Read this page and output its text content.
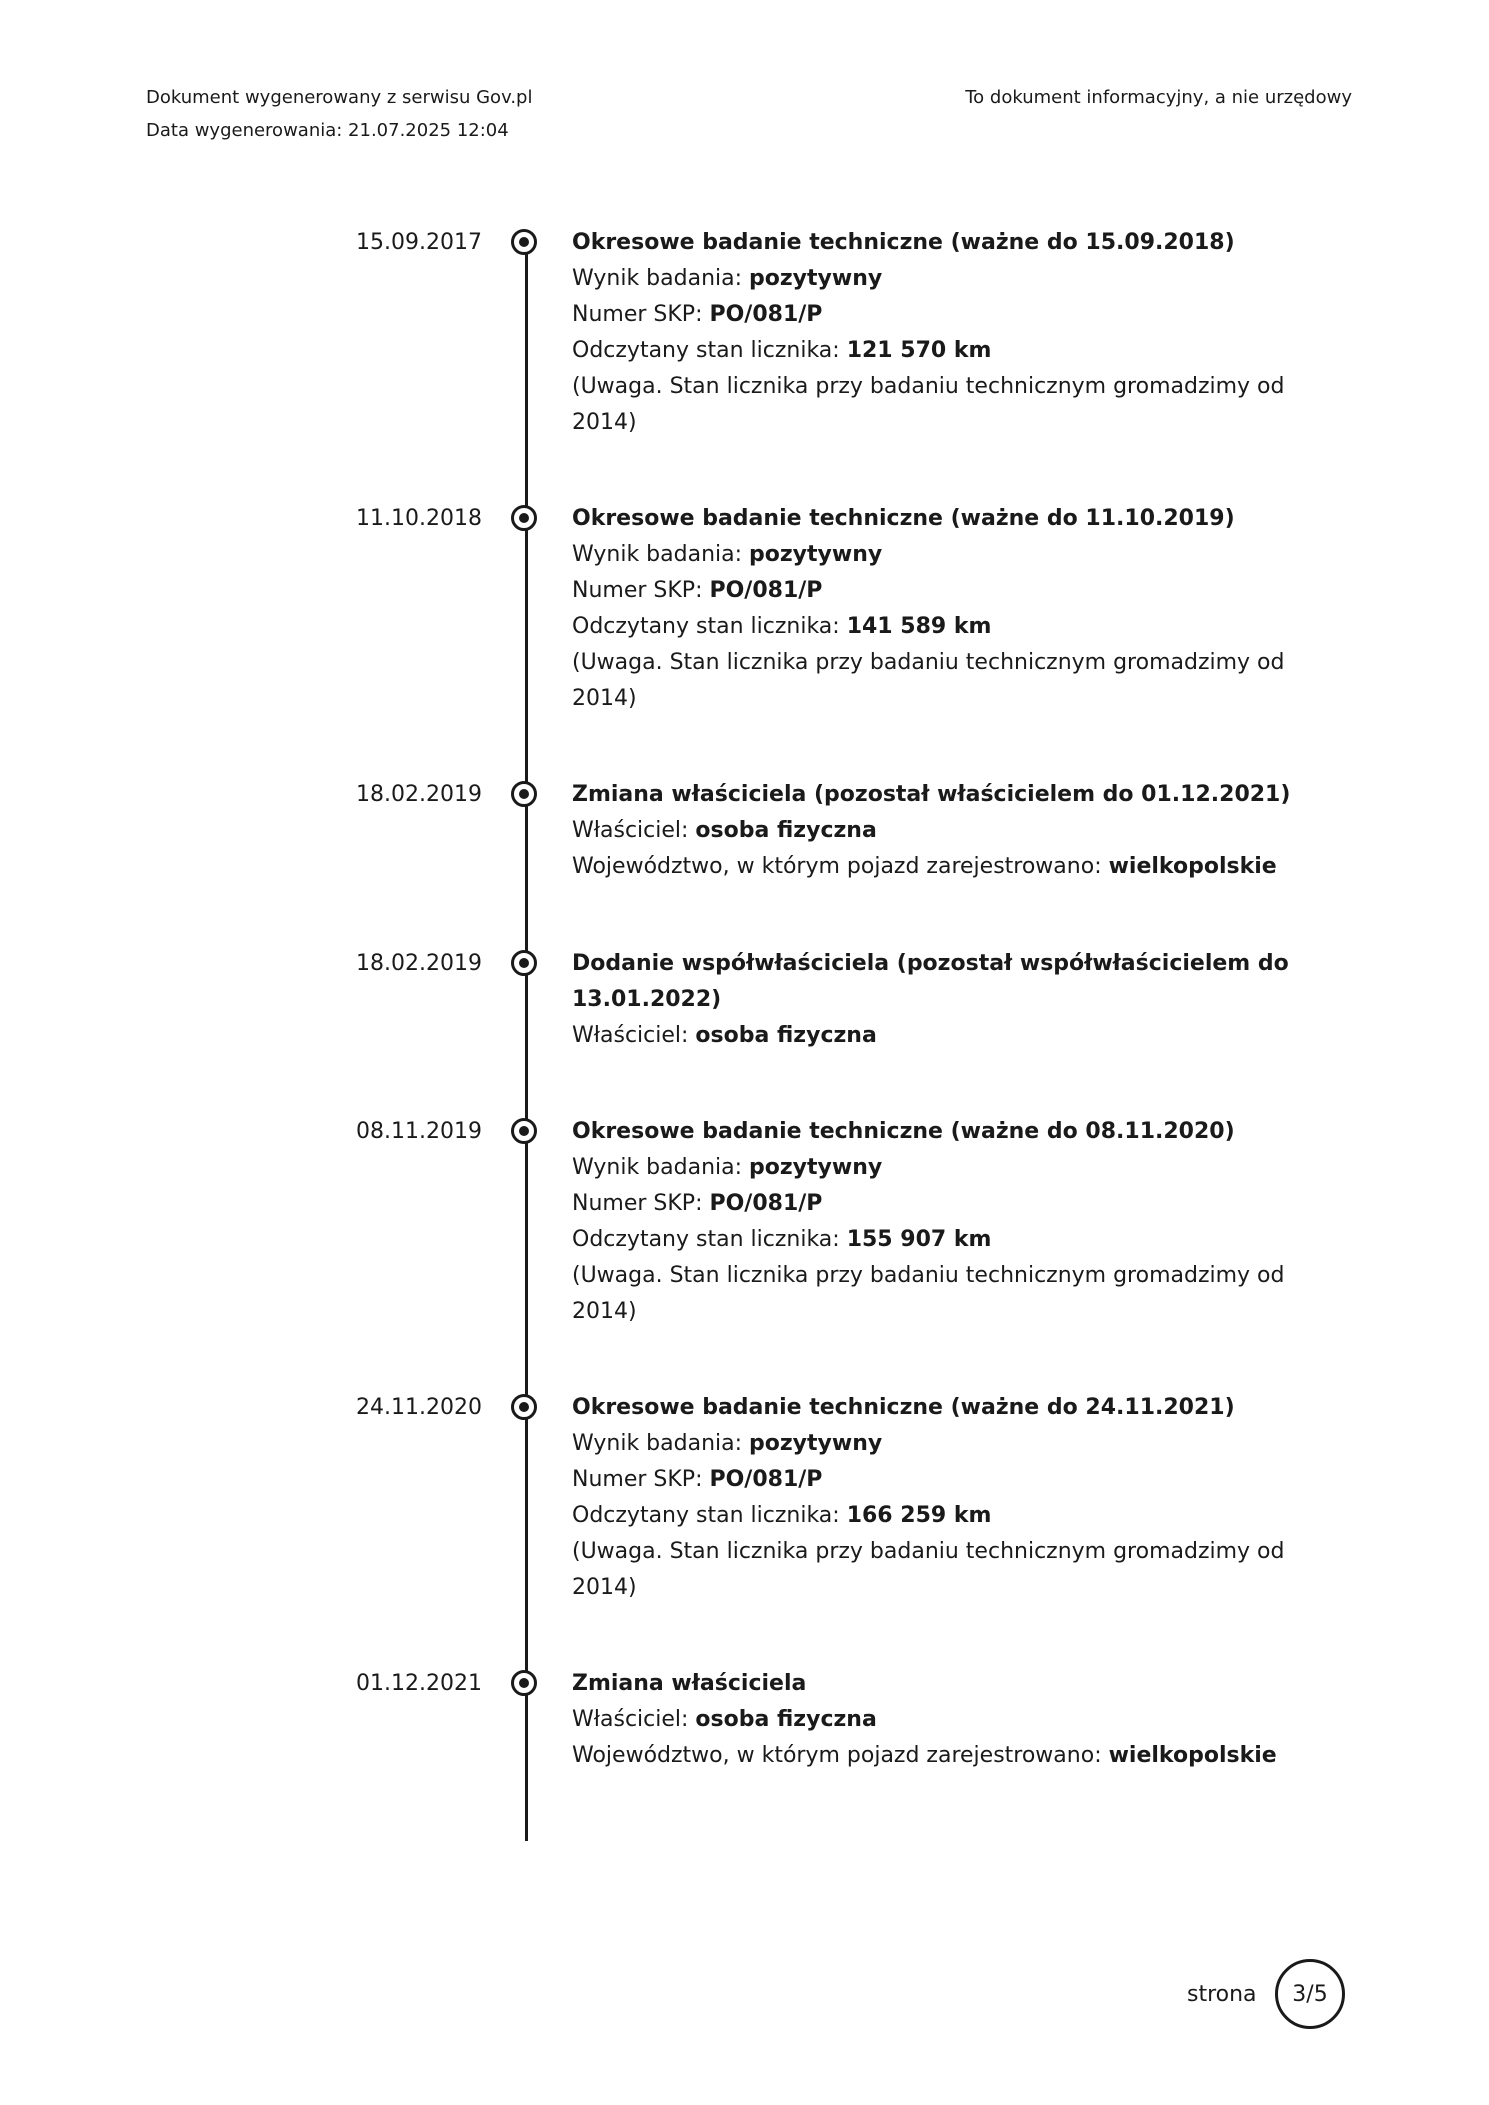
Dokument wygenerowany z serwisu Gov.pl
Data wygenerowania: 21.07.2025 12:04
To dokument informacyjny, a nie urzędowy
15.09.2017	Okresowe badanie techniczne (ważne do 15.09.2018)
Wynik badania: pozytywny
Numer SKP: PO/081/P
Odczytany stan licznika: 121 570 km
(Uwaga. Stan licznika przy badaniu technicznym gromadzimy od 2014)
11.10.2018	Okresowe badanie techniczne (ważne do 11.10.2019)
Wynik badania: pozytywny
Numer SKP: PO/081/P
Odczytany stan licznika: 141 589 km
(Uwaga. Stan licznika przy badaniu technicznym gromadzimy od 2014)
18.02.2019	Zmiana właściciela (pozostał właścicielem do 01.12.2021)
Właściciel: osoba fizyczna
Województwo, w którym pojazd zarejestrowano: wielkopolskie
18.02.2019	Dodanie współwłaściciela (pozostał współwłaścicielem do 13.01.2022)
Właściciel: osoba fizyczna
08.11.2019	Okresowe badanie techniczne (ważne do 08.11.2020)
Wynik badania: pozytywny
Numer SKP: PO/081/P
Odczytany stan licznika: 155 907 km
(Uwaga. Stan licznika przy badaniu technicznym gromadzimy od 2014)
24.11.2020	Okresowe badanie techniczne (ważne do 24.11.2021)
Wynik badania: pozytywny
Numer SKP: PO/081/P
Odczytany stan licznika: 166 259 km
(Uwaga. Stan licznika przy badaniu technicznym gromadzimy od 2014)
01.12.2021	Zmiana właściciela
Właściciel: osoba fizyczna
Województwo, w którym pojazd zarejestrowano: wielkopolskie
strona	3/5
